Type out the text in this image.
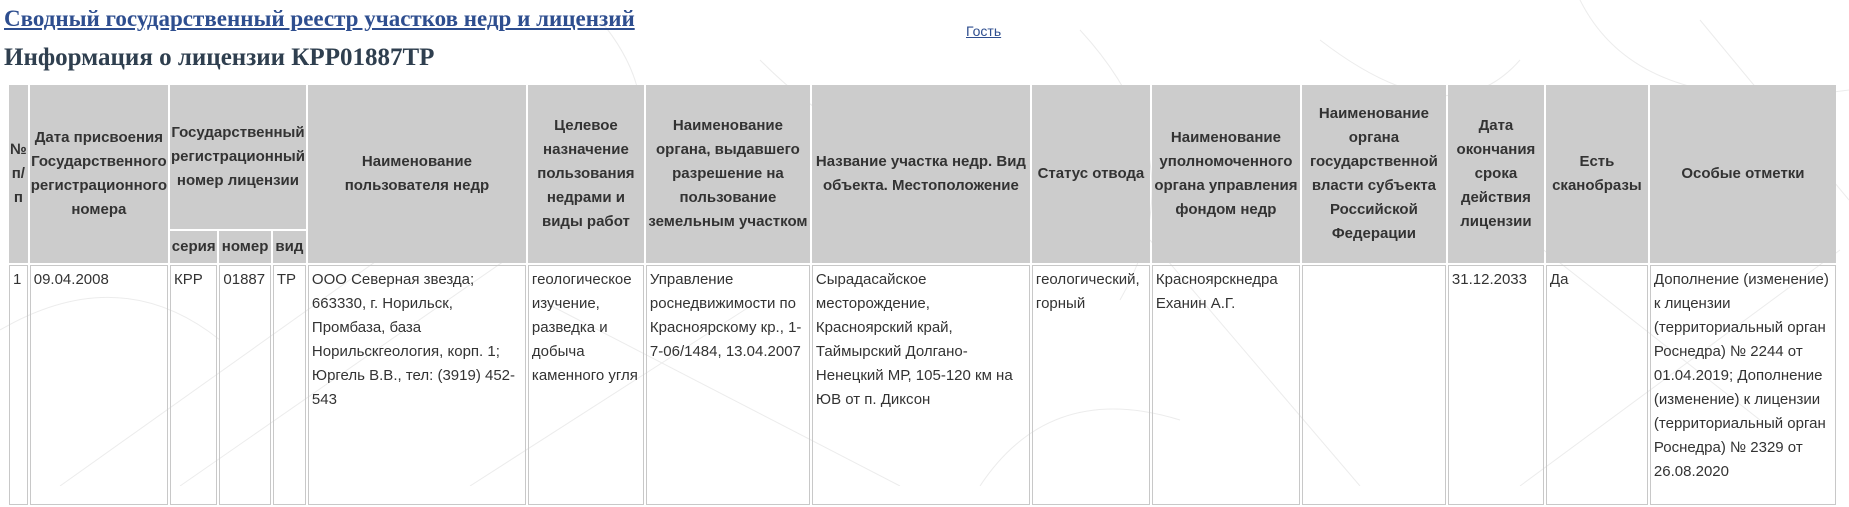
Сводный государственный реестр участков недр и лицензий	Гость
Информация о лицензии КРР01887ТР
№ п/п	Дата присвоения Государственного регистрационного номера	Государственный регистрационный номер лицензии			Наименование пользователя недр	Целевое назначение пользования недрами и виды работ	Наименование органа, выдавшего разрешение на пользование земельным участком	Название участка недр. Вид объекта. Местоположение	Статус отвода	Наименование уполномоченного органа управления фондом недр	Наименование органа государственной власти субъекта Российской Федерации	Дата окончания срока действия лицензии	Есть сканобразы	Особые отметки
		серия	номер	вид										
1	09.04.2008	КРР	01887	ТР	ООО Северная звезда; 663330, г. Норильск, Промбаза, база Норильскгеология, корп. 1; Юргель В.В., тел: (3919) 452-543	геологическое изучение, разведка и добыча каменного угля	Управление роснедвижимости по Красноярскому кр., 1-7-06/1484, 13.04.2007	Сырадасайское месторождение, Красноярский край, Таймырский Долгано-Ненецкий МР, 105-120 км на ЮВ от п. Диксон	геологический, горный	Красноярскнедра Еханин А.Г.		31.12.2033	Да	Дополнение (изменение) к лицензии (территориальный орган Роснедра) № 2244 от 01.04.2019; Дополнение (изменение) к лицензии (территориальный орган Роснедра) № 2329 от 26.08.2020
